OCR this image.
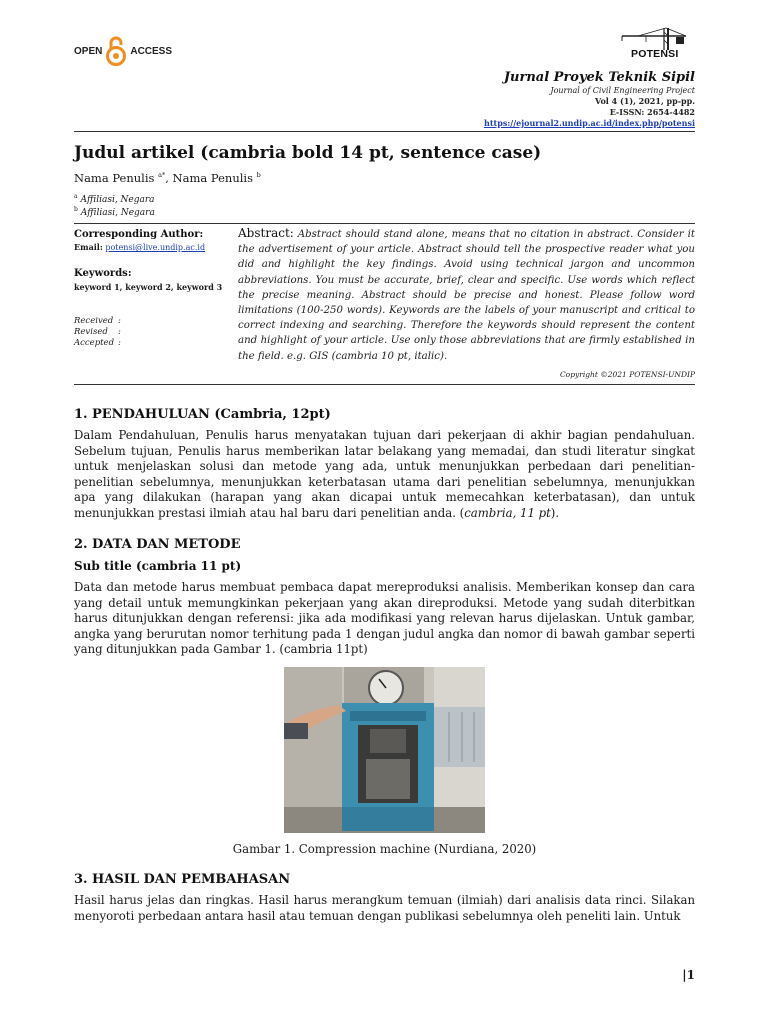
OPEN	ACCESS	POTENSI
Jurnal Proyek Teknik Sipil
Journal of Civil Engineering Project
Vol 4 (1), 2021, pp-pp.
E-ISSN: 2654-4482
https://ejournal2.undip.ac.id/index.php/potensi
Judul artikel (cambria bold 14 pt, sentence case)
Nama Penulis $^{a*}$, Nama Penulis $^b$
$^a$ Affiliasi, Negara
$^b$ Affiliasi, Negara
Corresponding Author:
Email: potensi@live.undip.ac.id
Keywords:
keyword 1, keyword 2, keyword 3
Received :
Revised :
Accepted :
Abstract: Abstract should stand alone, means that no citation in abstract. Consider it the advertisement of your article. Abstract should tell the prospective reader what you did and highlight the key findings. Avoid using technical jargon and uncommon abbreviations. You must be accurate, brief, clear and specific. Use words which reflect the precise meaning. Abstract should be precise and honest. Please follow word limitations (100-250 words). Keywords are the labels of your manuscript and critical to correct indexing and searching. Therefore the keywords should represent the content and highlight of your article. Use only those abbreviations that are firmly established in the field. e.g. GIS (cambria 10 pt, italic).
Copyright ©2021 POTENSI-UNDIP
1. PENDAHULUAN (Cambria, 12pt)
Dalam Pendahuluan, Penulis harus menyatakan tujuan dari pekerjaan di akhir bagian pendahuluan. Sebelum tujuan, Penulis harus memberikan latar belakang yang memadai, dan studi literatur singkat untuk menjelaskan solusi dan metode yang ada, untuk menunjukkan perbedaan dari penelitian-penelitian sebelumnya, menunjukkan keterbatasan utama dari penelitian sebelumnya, menunjukkan apa yang dilakukan (harapan yang akan dicapai untuk memecahkan keterbatasan), dan untuk menunjukkan prestasi ilmiah atau hal baru dari penelitian anda. (cambria, 11 pt).
2. DATA DAN METODE
Sub title (cambria 11 pt)
Data dan metode harus membuat pembaca dapat mereproduksi analisis. Memberikan konsep dan cara yang detail untuk memungkinkan pekerjaan yang akan direproduksi. Metode yang sudah diterbitkan harus ditunjukkan dengan referensi: jika ada modifikasi yang relevan harus dijelaskan. Untuk gambar, angka yang berurutan nomor terhitung pada 1 dengan judul angka dan nomor di bawah gambar seperti yang ditunjukkan pada Gambar 1. (cambria 11pt)
Gambar 1. Compression machine (Nurdiana, 2020)
3. HASIL DAN PEMBAHASAN
Hasil harus jelas dan ringkas. Hasil harus merangkum temuan (ilmiah) dari analisis data rinci. Silakan menyoroti perbedaan antara hasil atau temuan dengan publikasi sebelumnya oleh peneliti lain. Untuk
|1
